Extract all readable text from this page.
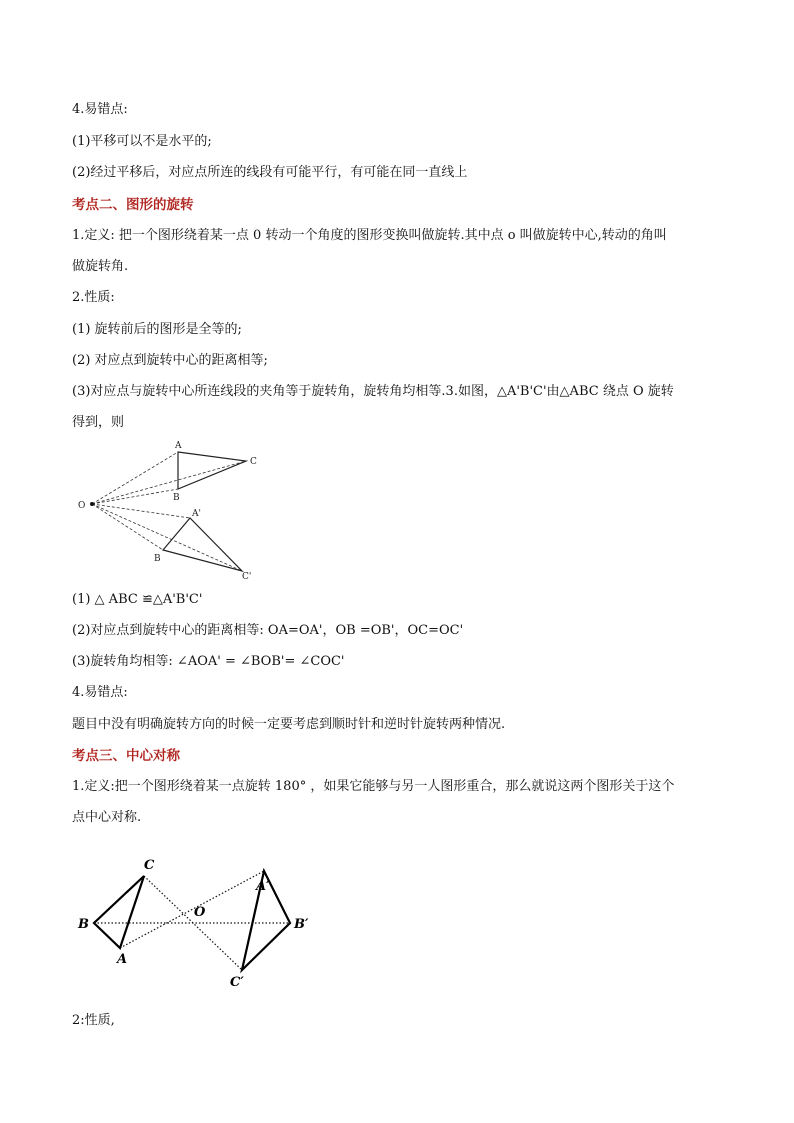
4.易错点:
(1)平移可以不是水平的;
(2)经过平移后，对应点所连的线段有可能平行，有可能在同一直线上
考点二、图形的旋转
1.定义: 把一个图形绕着某一点 0 转动一个角度的图形变换叫做旋转.其中点 o 叫做旋转中心,转动的角叫
做旋转角.
2.性质:
(1) 旋转前后的图形是全等的;
(2) 对应点到旋转中心的距离相等;
(3)对应点与旋转中心所连线段的夹角等于旋转角，旋转角均相等.3.如图，△A'B'C'由△ABC 绕点 O 旋转
得到，则
A
C
B
O
A'
B
C'
(1) △ ABC ≌△A'B'C'
(2)对应点到旋转中心的距离相等: OA=OA'，OB =OB'，OC=OC'
(3)旋转角均相等: ∠AOA' = ∠BOB'= ∠COC'
4.易错点:
题目中没有明确旋转方向的时候一定要考虑到顺时针和逆时针旋转两种情况.
考点三、中心对称
1.定义:把一个图形绕着某一点旋转 180° ，如果它能够与另一人图形重合，那么就说这两个图形关于这个
点中心对称.
C
B
A
O
A′
B′
C′
2:性质,
